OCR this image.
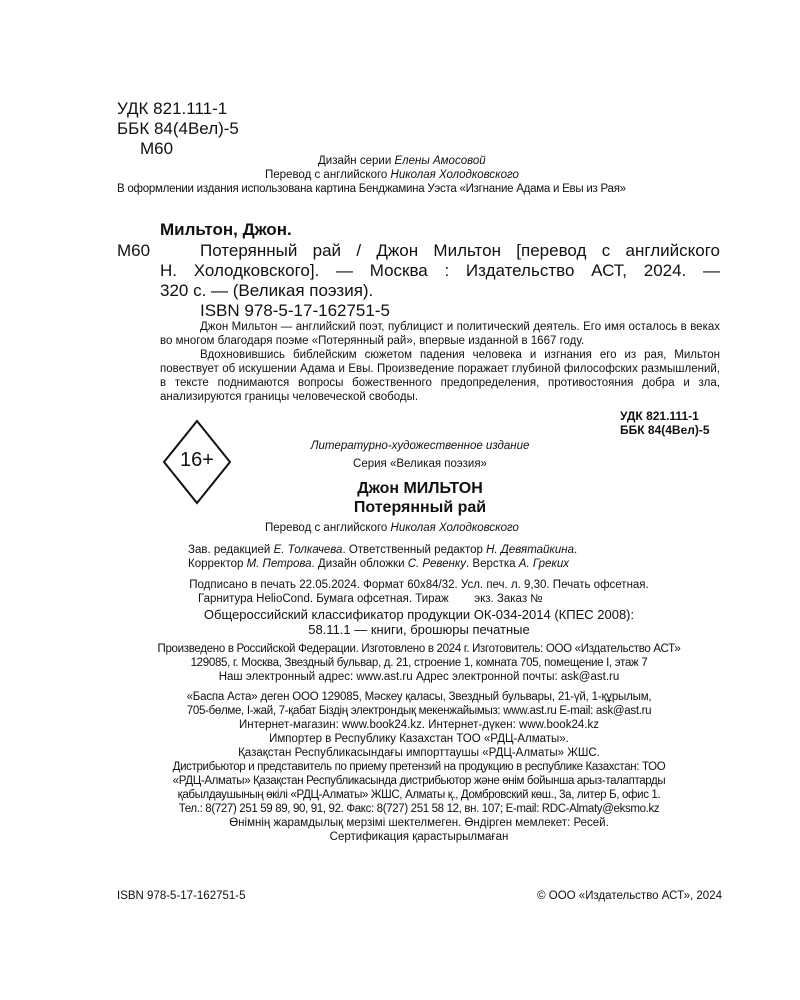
УДК 821.111-1
ББК 84(4Вел)-5
М60
Дизайн серии Елены Амосовой
Перевод с английского Николая Холодковского
В оформлении издания использована картина Бенджамина Уэста «Изгнание Адама и Евы из Рая»
Мильтон, Джон.
М60	Потерянный рай / Джон Мильтон [перевод с английского
Н. Холодковского]. — Москва : Издательство АСТ, 2024. —
320 с. — (Великая поэзия).
ISBN 978-5-17-162751-5
Джон Мильтон — английский поэт, публицист и политический деятель. Его имя осталось в веках во многом благодаря поэме «Потерянный рай», впервые изданной в 1667 году.
Вдохновившись библейским сюжетом падения человека и изгнания его из рая, Мильтон повествует об искушении Адама и Евы. Произведение поражает глубиной философских размышлений, в тексте поднимаются вопросы божественного предопределения, противостояния добра и зла, анализируются границы человеческой свободы.
УДК 821.111-1
ББК 84(4Вел)-5
16+
Литературно-художественное издание
Серия «Великая поэзия»
Джон МИЛЬТОН
Потерянный рай
Перевод с английского Николая Холодковского
Зав. редакцией Е. Толкачева. Ответственный редактор Н. Девятайкина.
Корректор М. Петрова. Дизайн обложки С. Ревенку. Верстка А. Греких
Подписано в печать 22.05.2024. Формат 60х84/32. Усл. печ. л. 9,30. Печать офсетная.
Гарнитура HelioCond. Бумага офсетная. Тираж        экз. Заказ №
Общероссийский классификатор продукции ОК-034-2014 (КПЕС 2008):
58.11.1 — книги, брошюры печатные
Произведено в Российской Федерации. Изготовлено в 2024 г. Изготовитель: ООО «Издательство АСТ»
129085, г. Москва, Звездный бульвар, д. 21, строение 1, комната 705, помещение I, этаж 7
Наш электронный адрес: www.ast.ru Адрес электронной почты: ask@ast.ru
«Баспа Аста» деген ООО 129085, Мәскеу қаласы, Звездный бульвары, 21-үй, 1-құрылым,
705-бөлме, I-жай, 7-қабат Біздің электрондық мекенжайымыз: www.ast.ru E-mail: ask@ast.ru
Интернет-магазин: www.book24.kz. Интернет-дүкен: www.book24.kz
Импортер в Республику Казахстан ТОО «РДЦ-Алматы».
Қазақстан Республикасындағы импорттаушы «РДЦ-Алматы» ЖШС.
Дистрибьютор и представитель по приему претензий на продукцию в республике Казахстан: ТОО
«РДЦ-Алматы» Қазақстан Республикасында дистрибьютор және өнім бойынша арыз-талаптарды
қабылдаушының өкілі «РДЦ-Алматы» ЖШС, Алматы қ., Домбровский көш., 3а, литер Б, офис 1.
Тел.: 8(727) 251 59 89, 90, 91, 92. Факс: 8(727) 251 58 12, вн. 107; E-mail: RDC-Almaty@eksmo.kz
Өнімнің жарамдылық мерзімі шектелмеген. Өндірген мемлекет: Ресей.
Сертификация қарастырылмаған
ISBN 978-5-17-162751-5	© ООО «Издательство АСТ», 2024
